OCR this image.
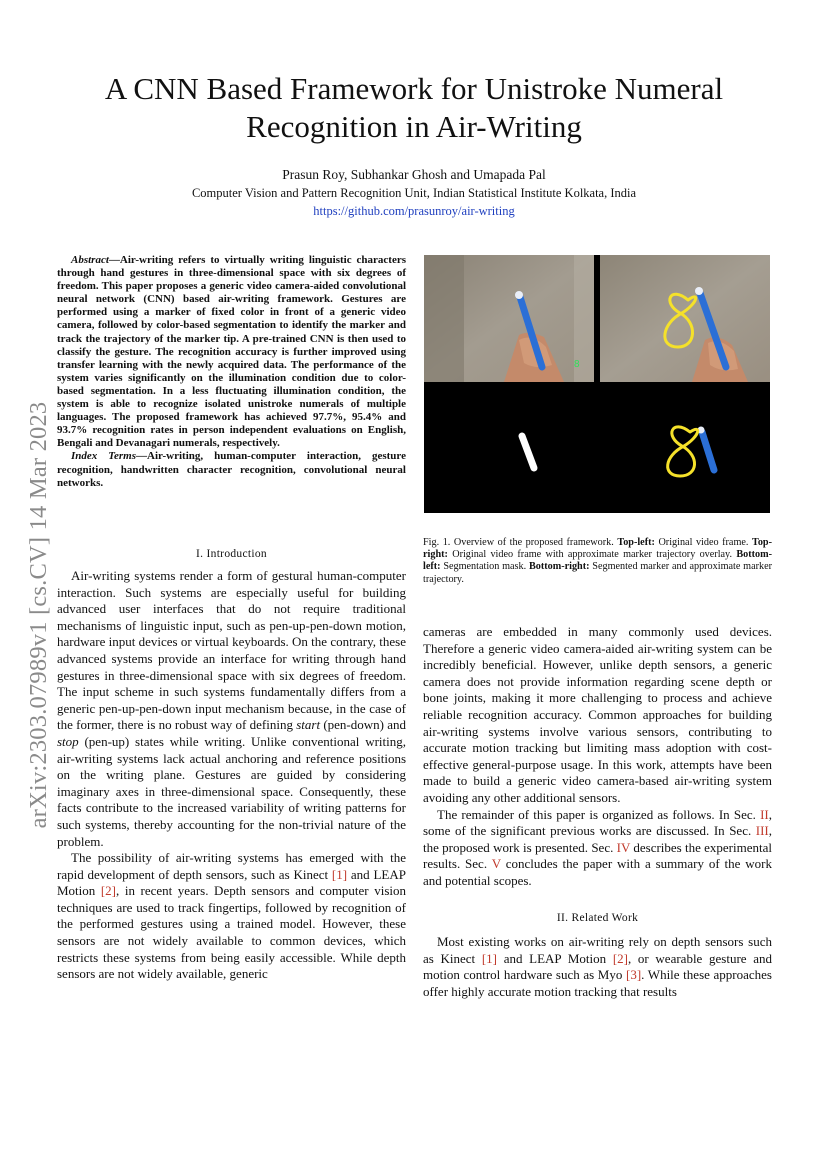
arXiv:2303.07989v1 [cs.CV] 14 Mar 2023
A CNN Based Framework for Unistroke Numeral
Recognition in Air-Writing
Prasun Roy, Subhankar Ghosh and Umapada Pal
Computer Vision and Pattern Recognition Unit, Indian Statistical Institute Kolkata, India
https://github.com/prasunroy/air-writing

Abstract—Air-writing refers to virtually writing linguistic characters through hand gestures in three-dimensional space with six degrees of freedom. This paper proposes a generic video camera-aided convolutional neural network (CNN) based air-writing framework. Gestures are performed using a marker of fixed color in front of a generic video camera, followed by color-based segmentation to identify the marker and track the trajectory of the marker tip. A pre-trained CNN is then used to classify the gesture. The recognition accuracy is further improved using transfer learning with the newly acquired data. The performance of the system varies significantly on the illumination condition due to color-based segmentation. In a less fluctuating illumination condition, the system is able to recognize isolated unistroke numerals of multiple languages. The proposed framework has achieved 97.7%, 95.4% and 93.7% recognition rates in person independent evaluations on English, Bengali and Devanagari numerals, respectively.

Index Terms—Air-writing, human-computer interaction, gesture recognition, handwritten character recognition, convolutional neural networks.

I. Introduction

Air-writing systems render a form of gestural human-computer interaction. Such systems are especially useful for building advanced user interfaces that do not require traditional mechanisms of linguistic input, such as pen-up-pen-down motion, hardware input devices or virtual keyboards. On the contrary, these advanced systems provide an interface for writing through hand gestures in three-dimensional space with six degrees of freedom. The input scheme in such systems fundamentally differs from a generic pen-up-pen-down input mechanism because, in the case of the former, there is no robust way of defining start (pen-down) and stop (pen-up) states while writing. Unlike conventional writing, air-writing systems lack actual anchoring and reference positions on the writing plane. Gestures are guided by considering imaginary axes in three-dimensional space. Consequently, these facts contribute to the increased variability of writing patterns for such systems, thereby accounting for the non-trivial nature of the problem.

The possibility of air-writing systems has emerged with the rapid development of depth sensors, such as Kinect [1] and LEAP Motion [2], in recent years. Depth sensors and computer vision techniques are used to track fingertips, followed by recognition of the performed gestures using a trained model. However, these sensors are not widely available to common devices, which restricts these systems from being easily accessible. While depth sensors are not widely available, generic

8
Fig. 1. Overview of the proposed framework. Top-left: Original video frame. Top-right: Original video frame with approximate marker trajectory overlay. Bottom-left: Segmentation mask. Bottom-right: Segmented marker and approximate marker trajectory.

cameras are embedded in many commonly used devices. Therefore a generic video camera-aided air-writing system can be incredibly beneficial. However, unlike depth sensors, a generic camera does not provide information regarding scene depth or bone joints, making it more challenging to process and achieve reliable recognition accuracy. Common approaches for building air-writing systems involve various sensors, contributing to accurate motion tracking but limiting mass adoption with cost-effective general-purpose usage. In this work, attempts have been made to build a generic video camera-based air-writing system avoiding any other additional sensors.

The remainder of this paper is organized as follows. In Sec. II, some of the significant previous works are discussed. In Sec. III, the proposed work is presented. Sec. IV describes the experimental results. Sec. V concludes the paper with a summary of the work and potential scopes.

II. Related Work

Most existing works on air-writing rely on depth sensors such as Kinect [1] and LEAP Motion [2], or wearable gesture and motion control hardware such as Myo [3]. While these approaches offer highly accurate motion tracking that results
